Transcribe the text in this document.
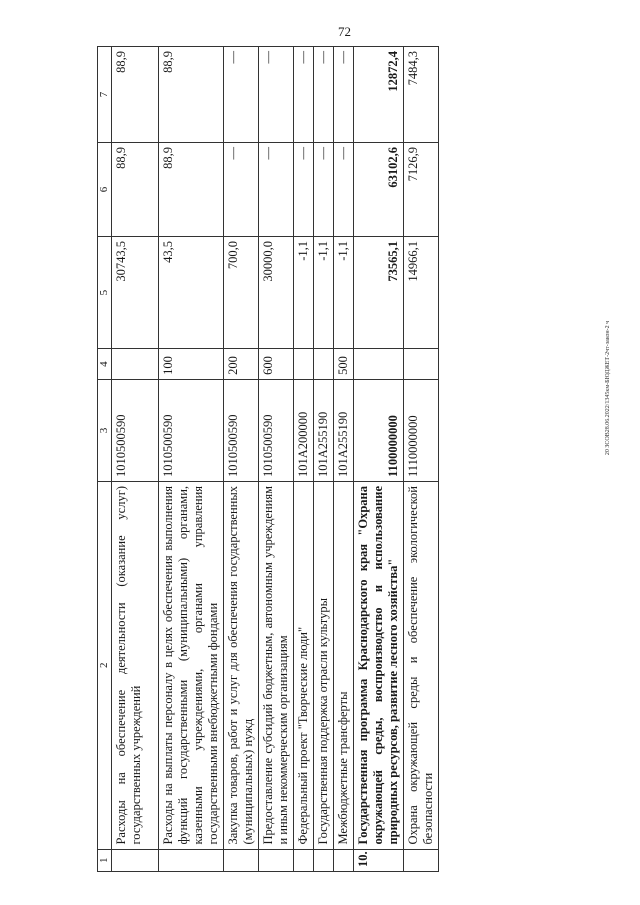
72
20 ЗСОВ28.06.2022/1345км-БЮДЖЕТ-2чт-закон-2 ч
1	2	3	4	5	6	7
	Расходы на обеспечение деятельности (оказание услуг) государственных учреждений	1010500590		30743,5	88,9	88,9
	Расходы на выплаты персоналу в целях обеспечения выполнения функций государственными (муниципальными) органами, казенными учреждениями, органами управления государственными внебюджетными фондами	1010500590	100	43,5	88,9	88,9
	Закупка товаров, работ и услуг для обеспечения государственных (муниципальных) нужд	1010500590	200	700,0	—	—
	Предоставление субсидий бюджетным, автономным учреждениям и иным некоммерческим организациям	1010500590	600	30000,0	—	—
	Федеральный проект "Творческие люди"	101A200000		-1,1	—	—
	Государственная поддержка отрасли культуры	101A255190		-1,1	—	—
	Межбюджетные трансферты	101A255190	500	-1,1	—	—
10.	Государственная программа Краснодарского края "Охрана окружающей среды, воспроизводство и использование природных ресурсов, развитие лесного хозяйства"	1100000000		73565,1	63102,6	12872,4
	Охрана окружающей среды и обеспечение экологической безопасности	1110000000		14966,1	7126,9	7484,3
